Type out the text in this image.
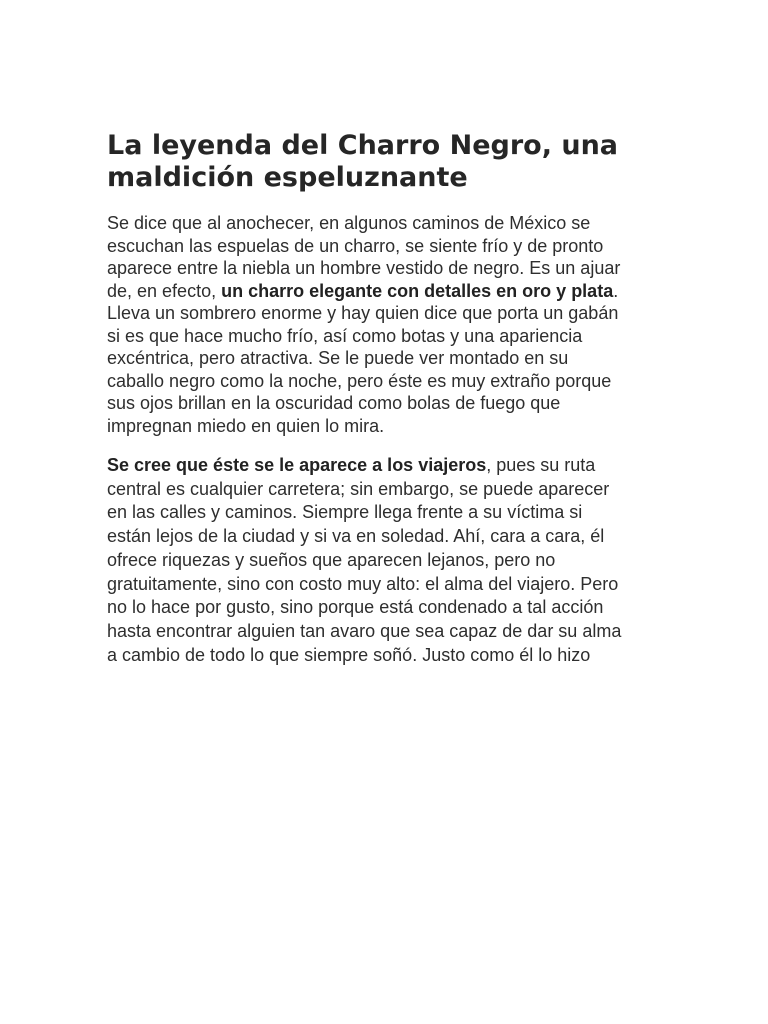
La leyenda del Charro Negro, una
maldición espeluznante

Se dice que al anochecer, en algunos caminos de México se
escuchan las espuelas de un charro, se siente frío y de pronto
aparece entre la niebla un hombre vestido de negro. Es un ajuar
de, en efecto, un charro elegante con detalles en oro y plata.
Lleva un sombrero enorme y hay quien dice que porta un gabán
si es que hace mucho frío, así como botas y una apariencia
excéntrica, pero atractiva. Se le puede ver montado en su
caballo negro como la noche, pero éste es muy extraño porque
sus ojos brillan en la oscuridad como bolas de fuego que
impregnan miedo en quien lo mira.

Se cree que éste se le aparece a los viajeros, pues su ruta
central es cualquier carretera; sin embargo, se puede aparecer
en las calles y caminos. Siempre llega frente a su víctima si
están lejos de la ciudad y si va en soledad. Ahí, cara a cara, él
ofrece riquezas y sueños que aparecen lejanos, pero no
gratuitamente, sino con costo muy alto: el alma del viajero. Pero
no lo hace por gusto, sino porque está condenado a tal acción
hasta encontrar alguien tan avaro que sea capaz de dar su alma
a cambio de todo lo que siempre soñó. Justo como él lo hizo
